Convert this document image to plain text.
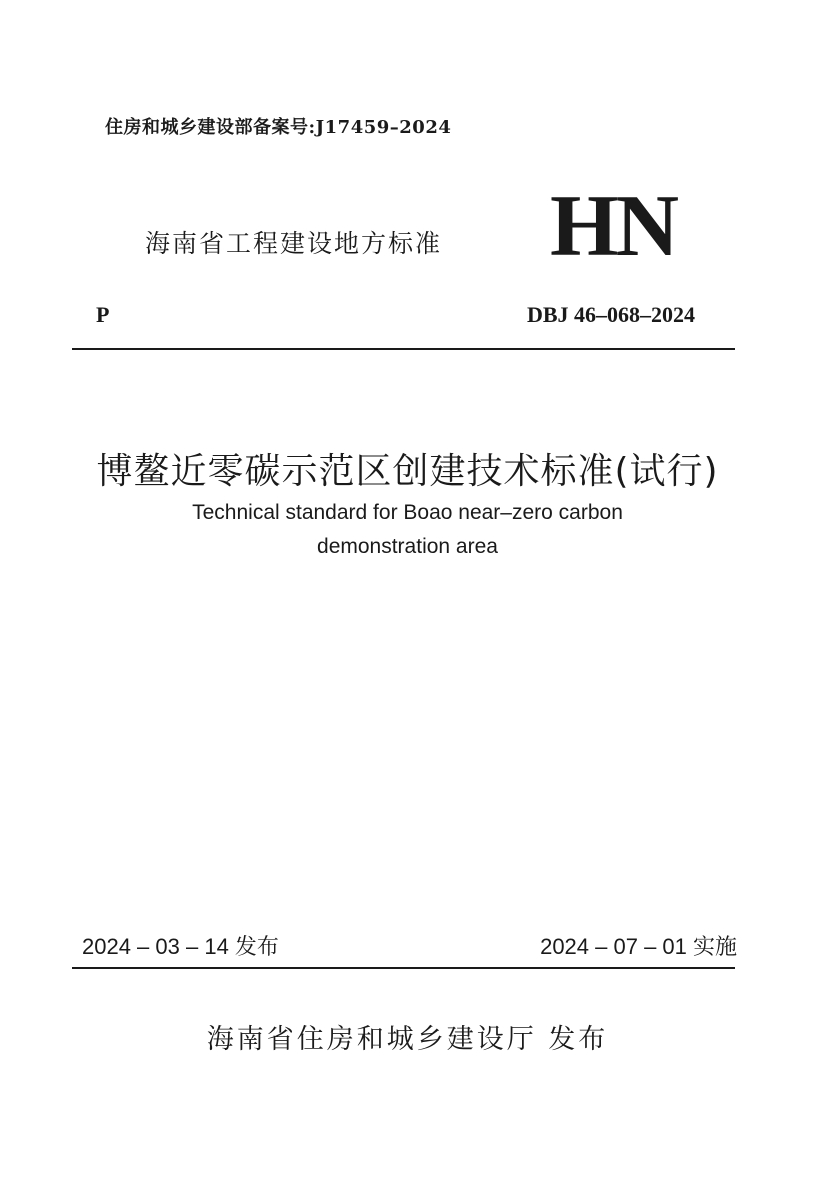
住房和城乡建设部备案号:J17459–2024

海南省工程建设地方标准 HN

P	DBJ 46–068–2024

博鳌近零碳示范区创建技术标准(试行)
Technical standard for Boao near–zero carbon
demonstration area

2024 – 03 – 14 发布	2024 – 07 – 01 实施

海南省住房和城乡建设厅 发布
